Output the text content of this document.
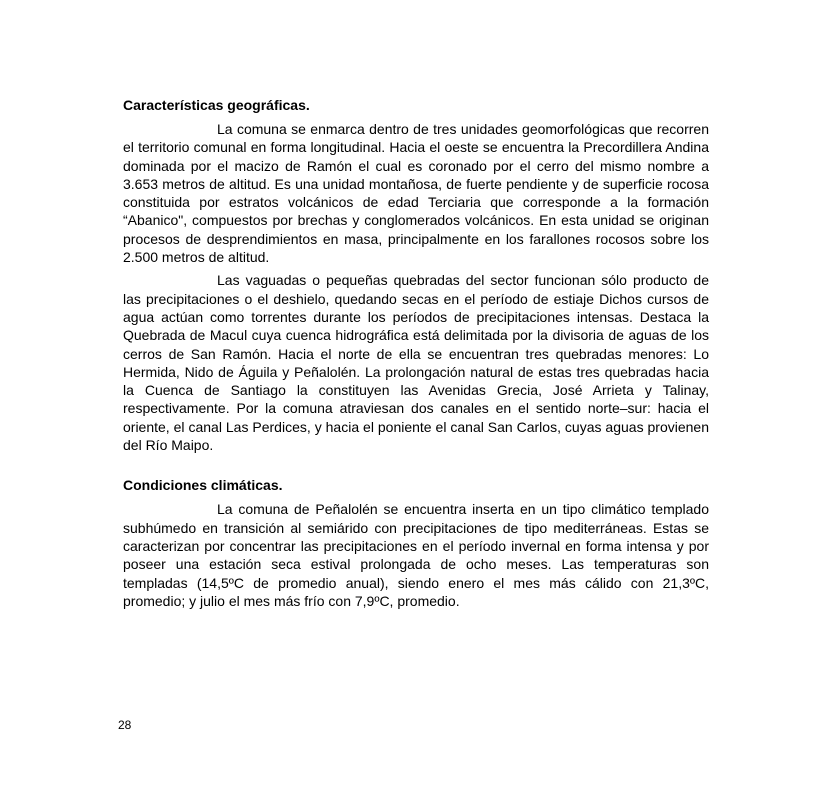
Características geográficas.

La comuna se enmarca dentro de tres unidades geomorfológicas que recorren el territorio comunal en forma longitudinal. Hacia el oeste se encuentra la Precordillera Andina dominada por el macizo de Ramón el cual es coronado por el cerro del mismo nombre a 3.653 metros de altitud. Es una unidad montañosa, de fuerte pendiente y de superficie rocosa constituida por estratos volcánicos de edad Terciaria que corresponde a la formación “Abanico", compuestos por brechas y conglomerados volcánicos. En esta unidad se originan procesos de desprendimientos en masa, principalmente en los farallones rocosos sobre los 2.500 metros de altitud.

Las vaguadas o pequeñas quebradas del sector funcionan sólo producto de las precipitaciones o el deshielo, quedando secas en el período de estiaje Dichos cursos de agua actúan como torrentes durante los períodos de precipitaciones intensas. Destaca la Quebrada de Macul cuya cuenca hidrográfica está delimitada por la divisoria de aguas de los cerros de San Ramón. Hacia el norte de ella se encuentran tres quebradas menores: Lo Hermida, Nido de Águila y Peñalolén. La prolongación natural de estas tres quebradas hacia la Cuenca de Santiago la constituyen las Avenidas Grecia, José Arrieta y Talinay, respectivamente. Por la comuna atraviesan dos canales en el sentido norte–sur: hacia el oriente, el canal Las Perdices, y hacia el poniente el canal San Carlos, cuyas aguas provienen del Río Maipo.

Condiciones climáticas.

La comuna de Peñalolén se encuentra inserta en un tipo climático templado subhúmedo en transición al semiárido con precipitaciones de tipo mediterráneas. Estas se caracterizan por concentrar las precipitaciones en el período invernal en forma intensa y por poseer una estación seca estival prolongada de ocho meses. Las temperaturas son templadas (14,5ºC de promedio anual), siendo enero el mes más cálido con 21,3ºC, promedio; y julio el mes más frío con 7,9ºC, promedio.

28
